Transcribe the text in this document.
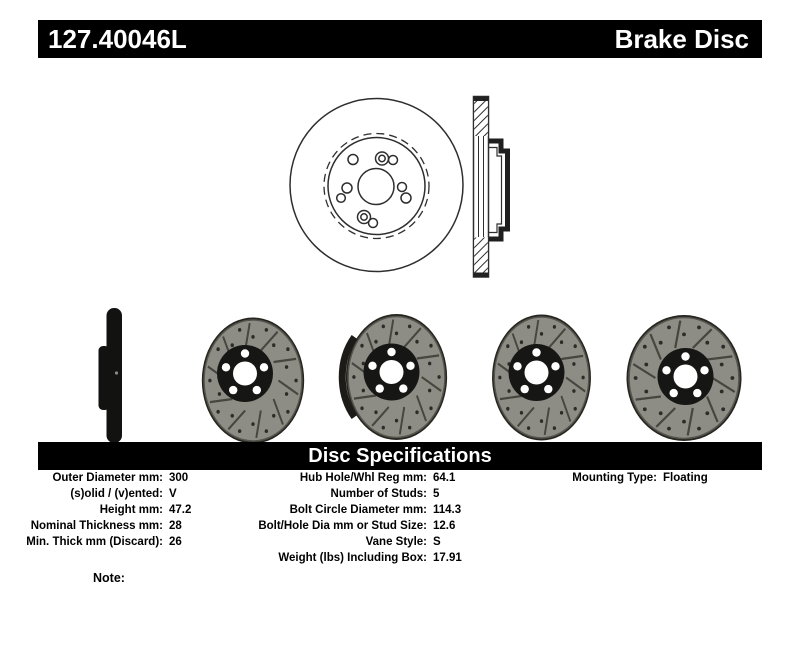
127.40046L	Brake Disc
Disc Specifications
Outer Diameter mm: 300
(s)olid / (v)ented: V
Height mm: 47.2
Nominal Thickness mm: 28
Min. Thick mm (Discard): 26
Hub Hole/Whl Reg mm: 64.1
Number of Studs: 5
Bolt Circle Diameter mm: 114.3
Bolt/Hole Dia mm or Stud Size: 12.6
Vane Style: S
Weight (lbs) Including Box: 17.91
Mounting Type: Floating
Note:
